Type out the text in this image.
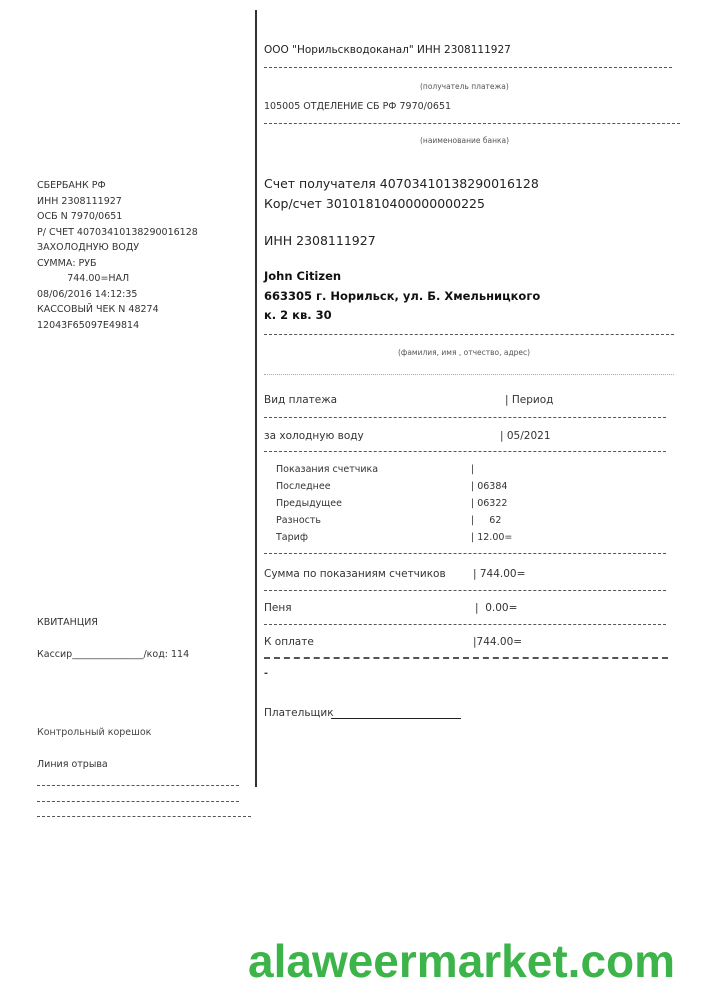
СБЕРБАНК РФ
ИНН 2308111927
ОСБ N 7970/0651
Р/ СЧЕТ 40703410138290016128
ЗАХОЛОДНУЮ ВОДУ
СУММА: РУБ
744.00=НАЛ
08/06/2016 14:12:35
КАССОВЫЙ ЧЕК N 48274
12043F65097E49814
КВИТАНЦИЯ
Кассир_______________/код: 114
Контрольный корешок
Линия отрыва
ООО "Норильскводоканал" ИНН 2308111927
(получатель платежа)
105005 ОТДЕЛЕНИЕ СБ РФ 7970/0651
(наименование банка)
Счет получателя 40703410138290016128
Кор/счет 30101810400000000225
ИНН 2308111927
John Citizen
663305 г. Норильск, ул. Б. Хмельницкого
к. 2 кв. 30
(фамилия, имя , отчество, адрес)
Вид платежа	| Период
за холодную воду	| 05/2021
Показания счетчика	|
Последнее	| 06384
Предыдущее	| 06322
Разность	|     62
Тариф	| 12.00=
Сумма по показаниям счетчиков	| 744.00=
Пеня	|  0.00=
К оплате	|744.00=
-
Плательщик
alaweermarket.com
